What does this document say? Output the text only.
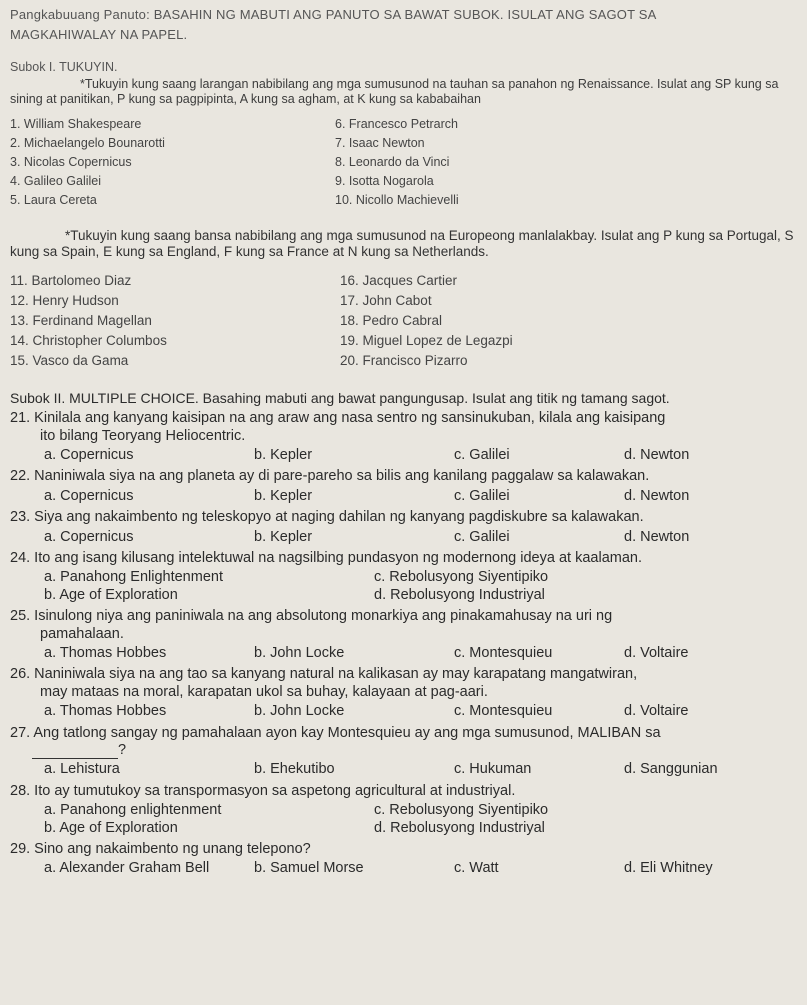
Pangkabuuang Panuto: BASAHIN NG MABUTI ANG PANUTO SA BAWAT SUBOK. ISULAT ANG SAGOT SA
MAGKAHIWALAY NA PAPEL.
Subok I. TUKUYIN.
*Tukuyin kung saang larangan nabibilang ang mga sumusunod na tauhan sa panahon ng Renaissance. Isulat ang SP kung sa sining at panitikan, P kung sa pagpipinta, A kung sa agham, at K kung sa kababaihan
1. William Shakespeare	6. Francesco Petrarch
2. Michaelangelo Bounarotti	7. Isaac Newton
3. Nicolas Copernicus	8. Leonardo da Vinci
4. Galileo Galilei	9. Isotta Nogarola
5. Laura Cereta	10. Nicollo Machievelli
*Tukuyin kung saang bansa nabibilang ang mga sumusunod na Europeong manlalakbay. Isulat ang P kung sa Portugal, S kung sa Spain, E kung sa England, F kung sa France at N kung sa Netherlands.
11. Bartolomeo Diaz	16. Jacques Cartier
12. Henry Hudson	17. John Cabot
13. Ferdinand Magellan	18. Pedro Cabral
14. Christopher Columbos	19. Miguel Lopez de Legazpi
15. Vasco da Gama	20. Francisco Pizarro
Subok II. MULTIPLE CHOICE. Basahing mabuti ang bawat pangungusap. Isulat ang titik ng tamang sagot.
21. Kinilala ang kanyang kaisipan na ang araw ang nasa sentro ng sansinukuban, kilala ang kaisipang
ito bilang Teoryang Heliocentric.
a. Copernicus	b. Kepler	c. Galilei	d. Newton
22. Naniniwala siya na ang planeta ay di pare-pareho sa bilis ang kanilang paggalaw sa kalawakan.
a. Copernicus	b. Kepler	c. Galilei	d. Newton
23. Siya ang nakaimbento ng teleskopyo at naging dahilan ng kanyang pagdiskubre sa kalawakan.
a. Copernicus	b. Kepler	c. Galilei	d. Newton
24. Ito ang isang kilusang intelektuwal na nagsilbing pundasyon ng modernong ideya at kaalaman.
a. Panahong Enlightenment	c. Rebolusyong Siyentipiko
b. Age of Exploration	d. Rebolusyong Industriyal
25. Isinulong niya ang paniniwala na ang absolutong monarkiya ang pinakamahusay na uri ng
pamahalaan.
a. Thomas Hobbes	b. John Locke	c. Montesquieu	d. Voltaire
26. Naniniwala siya na ang tao sa kanyang natural na kalikasan ay may karapatang mangatwiran,
may mataas na moral, karapatan ukol sa buhay, kalayaan at pag-aari.
a. Thomas Hobbes	b. John Locke	c. Montesquieu	d. Voltaire
27. Ang tatlong sangay ng pamahalaan ayon kay Montesquieu ay ang mga sumusunod, MALIBAN sa
?
a. Lehistura	b. Ehekutibo	c. Hukuman	d. Sanggunian
28. Ito ay tumutukoy sa transpormasyon sa aspetong agricultural at industriyal.
a. Panahong enlightenment	c. Rebolusyong Siyentipiko
b. Age of Exploration	d. Rebolusyong Industriyal
29. Sino ang nakaimbento ng unang telepono?
a. Alexander Graham Bell	b. Samuel Morse	c. Watt	d. Eli Whitney
